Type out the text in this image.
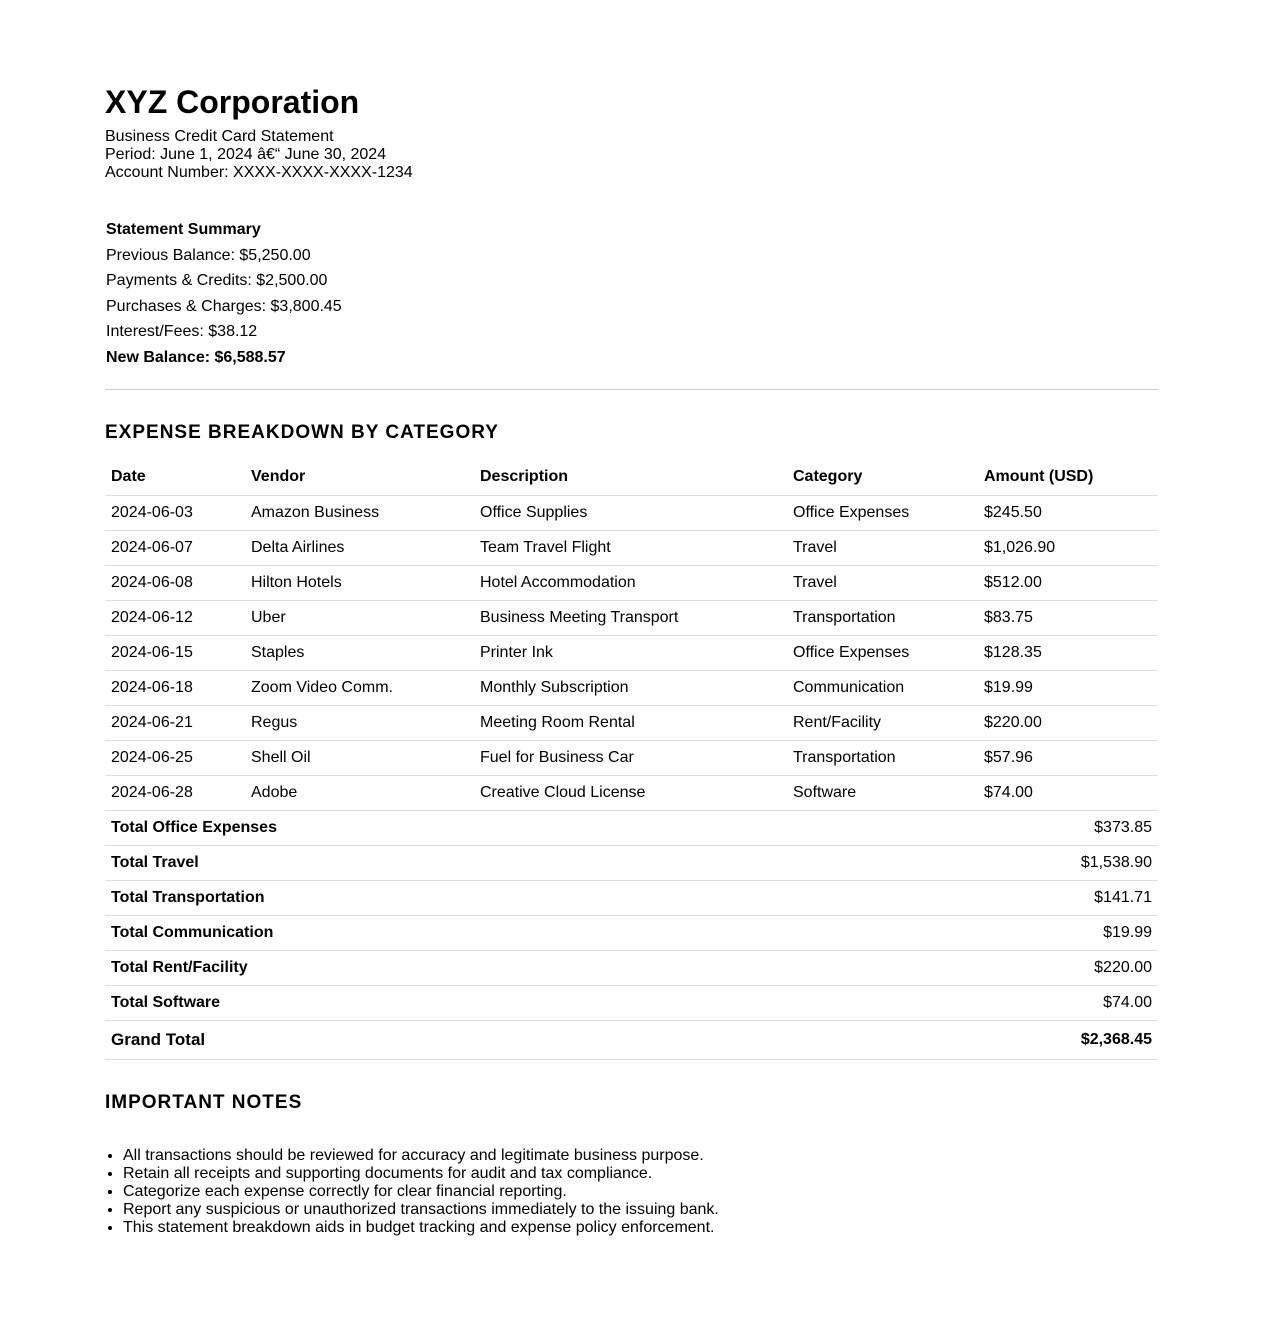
XYZ Corporation
Business Credit Card Statement
Period: June 1, 2024 â€“ June 30, 2024
Account Number: XXXX-XXXX-XXXX-1234
Statement Summary
Previous Balance: $5,250.00
Payments & Credits: $2,500.00
Purchases & Charges: $3,800.45
Interest/Fees: $38.12
New Balance: $6,588.57
EXPENSE BREAKDOWN BY CATEGORY
Date	Vendor	Description	Category	Amount (USD)
2024-06-03	Amazon Business	Office Supplies	Office Expenses	$245.50
2024-06-07	Delta Airlines	Team Travel Flight	Travel	$1,026.90
2024-06-08	Hilton Hotels	Hotel Accommodation	Travel	$512.00
2024-06-12	Uber	Business Meeting Transport	Transportation	$83.75
2024-06-15	Staples	Printer Ink	Office Expenses	$128.35
2024-06-18	Zoom Video Comm.	Monthly Subscription	Communication	$19.99
2024-06-21	Regus	Meeting Room Rental	Rent/Facility	$220.00
2024-06-25	Shell Oil	Fuel for Business Car	Transportation	$57.96
2024-06-28	Adobe	Creative Cloud License	Software	$74.00
Total Office Expenses				$373.85
Total Travel				$1,538.90
Total Transportation				$141.71
Total Communication				$19.99
Total Rent/Facility				$220.00
Total Software				$74.00
Grand Total				$2,368.45
IMPORTANT NOTES
• All transactions should be reviewed for accuracy and legitimate business purpose.
• Retain all receipts and supporting documents for audit and tax compliance.
• Categorize each expense correctly for clear financial reporting.
• Report any suspicious or unauthorized transactions immediately to the issuing bank.
• This statement breakdown aids in budget tracking and expense policy enforcement.
